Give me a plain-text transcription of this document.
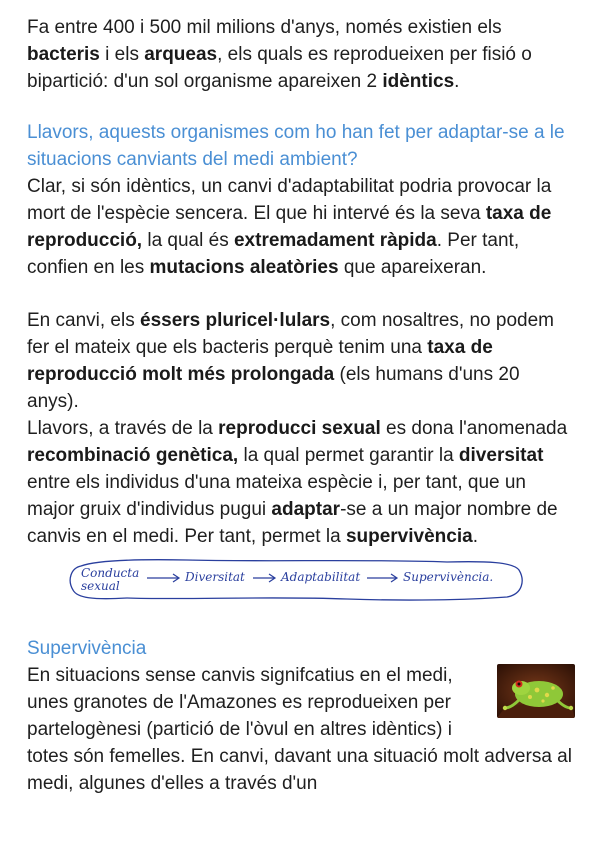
Fa entre 400 i 500 mil milions d'anys, només existien els bacteris i els arqueas, els quals es reprodueixen per fisió o bipartició: d'un sol organisme apareixen 2 idèntics.

Llavors, aquests organismes com ho han fet per adaptar-se a le situacions canviants del medi ambient?

Clar, si són idèntics, un canvi d'adaptabilitat podria provocar la mort de l'espècie sencera. El que hi intervé és la seva taxa de reproducció, la qual és extremadament ràpida. Per tant, confien en les mutacions aleatòries que apareixeran.

En canvi, els éssers pluricel·lulars, com nosaltres, no podem fer el mateix que els bacteris perquè tenim una taxa de reproducció molt més prolongada (els humans d'uns 20 anys).

Llavors, a través de la reproducci sexual es dona l'anomenada recombinació genètica, la qual permet garantir la diversitat entre els individus d'una mateixa espècie i, per tant, que un major gruix d'individus pugui adaptar-se a un major nombre de canvis en el medi. Per tant, permet la supervivència.

Conducta
sexual
Diversitat	Adaptabilitat	Supervivència.

Supervivència

En situacions sense canvis signifcatius en el medi, unes granotes de l'Amazones es reprodueixen per partelogènesi (partició de l'òvul en altres idèntics) i totes són femelles. En canvi, davant una situació molt adversa al medi, algunes d'elles a través d'un
